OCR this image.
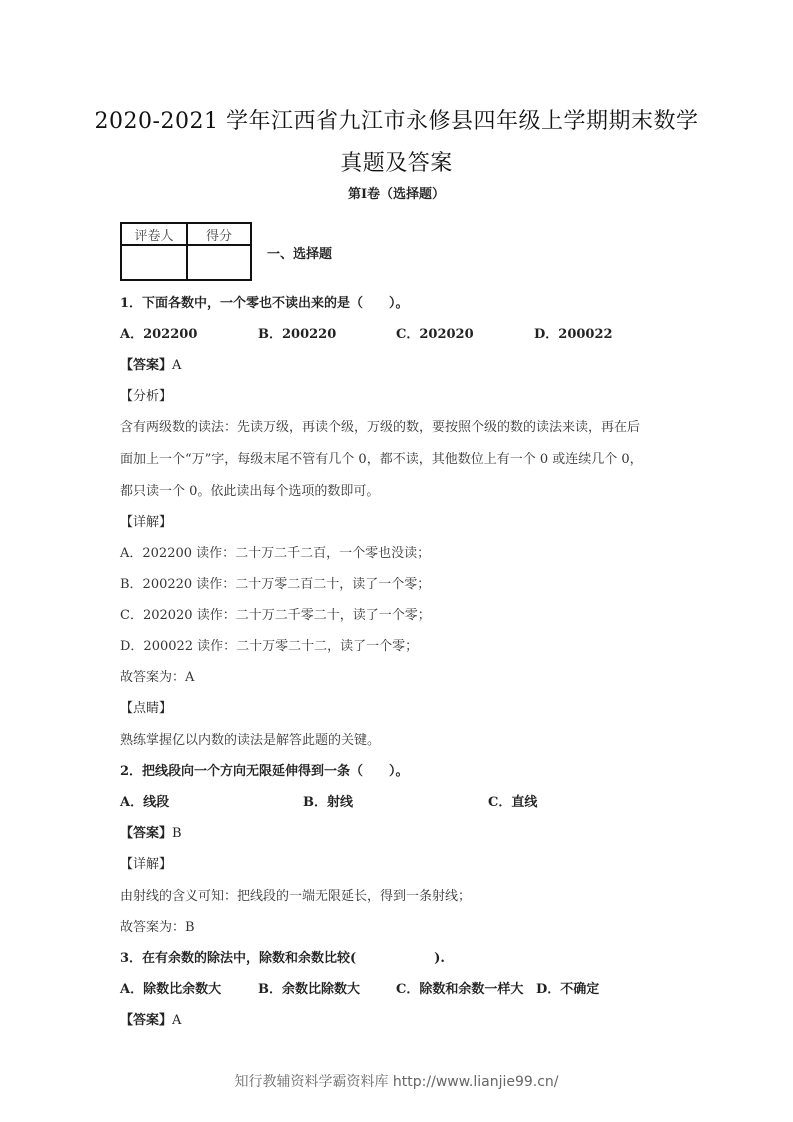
2020-2021 学年江西省九江市永修县四年级上学期期末数学
真题及答案
第Ⅰ卷（选择题）
评卷人	得分

一、选择题
1．下面各数中，一个零也不读出来的是（　　）。
A．202200	B．200220	C．202020	D．200022
【答案】A
【分析】
含有两级数的读法：先读万级，再读个级，万级的数，要按照个级的数的读法来读，再在后
面加上一个“万”字，每级末尾不管有几个 0，都不读，其他数位上有一个 0 或连续几个 0，
都只读一个 0。依此读出每个选项的数即可。
【详解】
A．202200 读作：二十万二千二百，一个零也没读；
B．200220 读作：二十万零二百二十，读了一个零；
C．202020 读作：二十万二千零二十，读了一个零；
D．200022 读作：二十万零二十二，读了一个零；
故答案为：A
【点睛】
熟练掌握亿以内数的读法是解答此题的关键。
2．把线段向一个方向无限延伸得到一条（　　）。
A．线段	B．射线	C．直线
【答案】B
【详解】
由射线的含义可知：把线段的一端无限延长，得到一条射线；
故答案为：B
3．在有余数的除法中，除数和余数比较(　　　　　　).
A．除数比余数大	B．余数比除数大	C．除数和余数一样大 D．不确定
【答案】A
知行教辅资料学霸资料库 http://www.lianjie99.cn/
